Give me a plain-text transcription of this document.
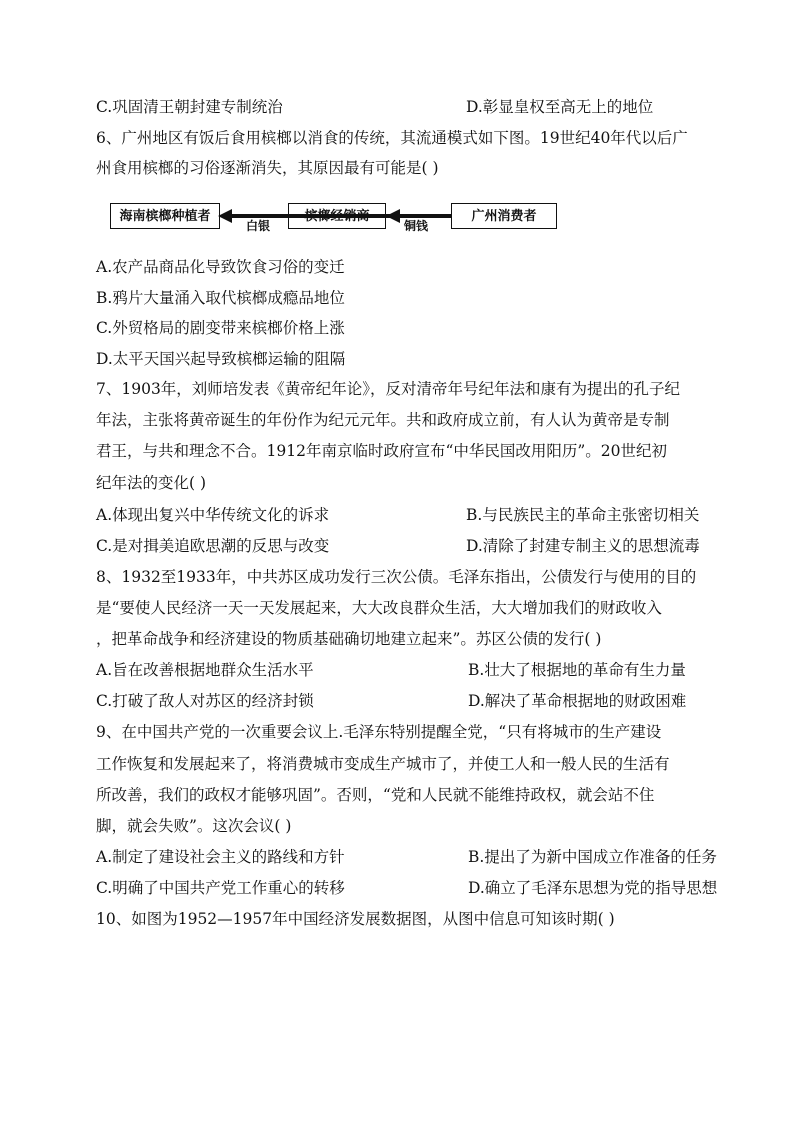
C.巩固清王朝封建专制统治	D.彰显皇权至高无上的地位
6、广州地区有饭后食用槟榔以消食的传统，其流通模式如下图。19世纪40年代以后广
州食用槟榔的习俗逐渐消失，其原因最有可能是( )
海南槟榔种植者	槟榔经销商	广州消费者
白银	铜钱
A.农产品商品化导致饮食习俗的变迁
B.鸦片大量涌入取代槟榔成瘾品地位
C.外贸格局的剧变带来槟榔价格上涨
D.太平天国兴起导致槟榔运输的阻隔
7、1903年，刘师培发表《黄帝纪年论》，反对清帝年号纪年法和康有为提出的孔子纪
年法，主张将黄帝诞生的年份作为纪元元年。共和政府成立前，有人认为黄帝是专制
君王，与共和理念不合。1912年南京临时政府宣布“中华民国改用阳历”。20世纪初
纪年法的变化( )
A.体现出复兴中华传统文化的诉求	B.与民族民主的革命主张密切相关
C.是对揖美追欧思潮的反思与改变	D.清除了封建专制主义的思想流毒
8、1932至1933年，中共苏区成功发行三次公债。毛泽东指出，公债发行与使用的目的
是“要使人民经济一天一天发展起来，大大改良群众生活，大大增加我们的财政收入
，把革命战争和经济建设的物质基础确切地建立起来”。苏区公债的发行( )
A.旨在改善根据地群众生活水平	B.壮大了根据地的革命有生力量
C.打破了敌人对苏区的经济封锁	D.解决了革命根据地的财政困难
9、在中国共产党的一次重要会议上.毛泽东特别提醒全党，“只有将城市的生产建设
工作恢复和发展起来了，将消费城市变成生产城市了，并使工人和一般人民的生活有
所改善，我们的政权才能够巩固”。否则，“党和人民就不能维持政权，就会站不住
脚，就会失败”。这次会议( )
A.制定了建设社会主义的路线和方针	B.提出了为新中国成立作准备的任务
C.明确了中国共产党工作重心的转移	D.确立了毛泽东思想为党的指导思想
10、如图为1952—1957年中国经济发展数据图，从图中信息可知该时期( )
